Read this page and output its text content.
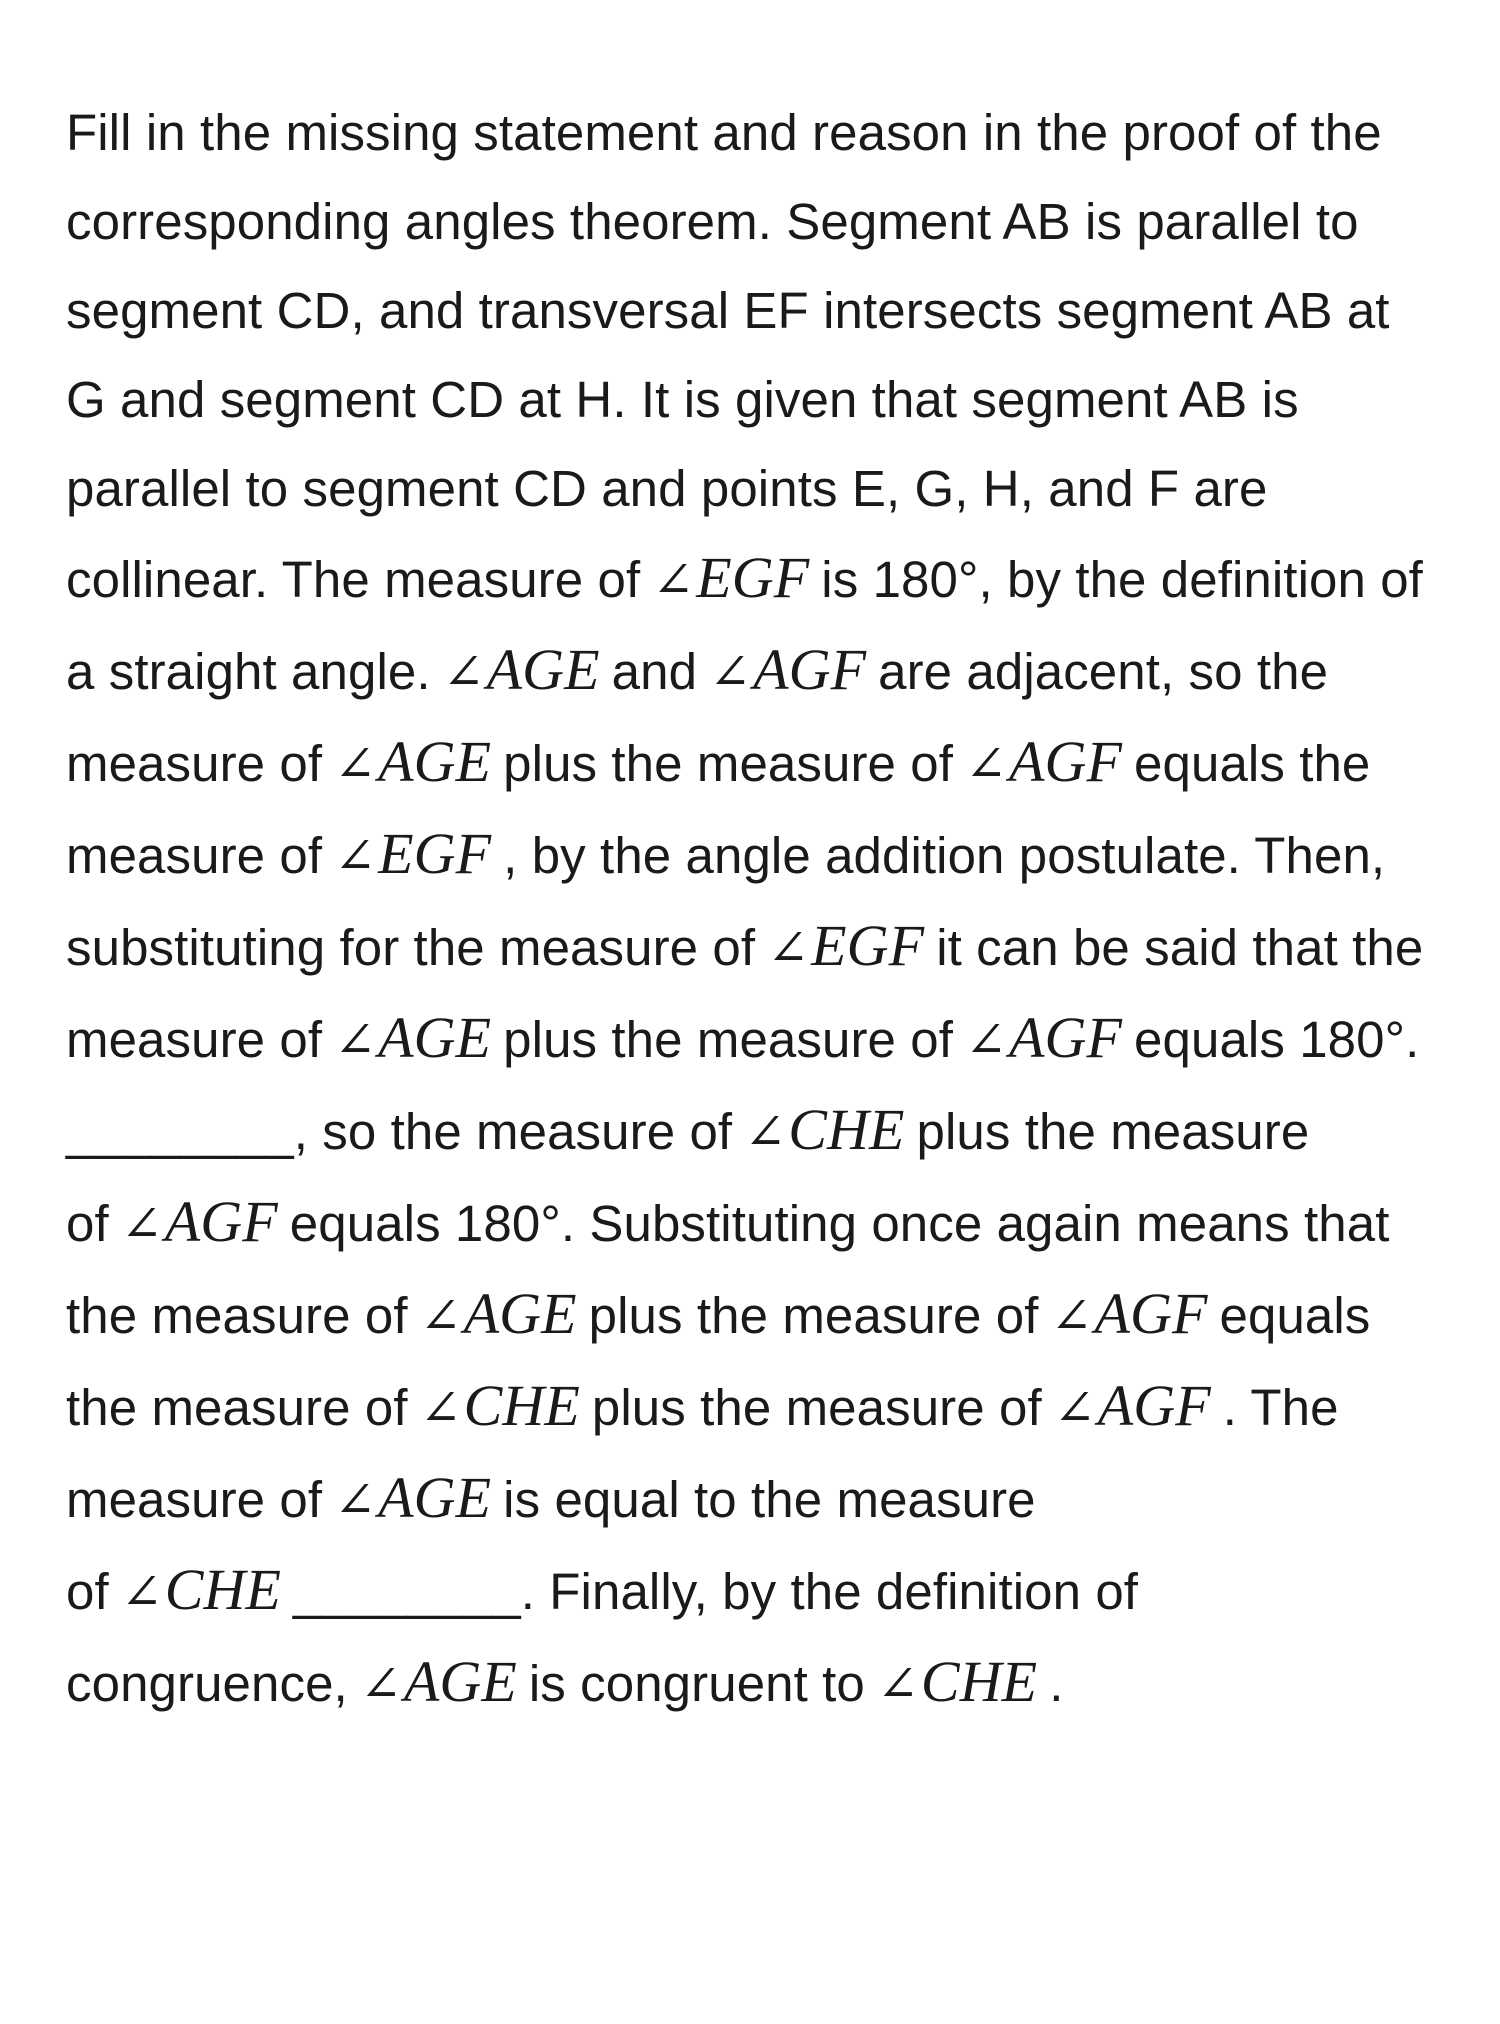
Fill in the missing statement and reason in the proof of the corresponding angles theorem. Segment AB is parallel to segment CD, and transversal EF intersects segment AB at G and segment CD at H. It is given that segment AB is parallel to segment CD and points E, G, H, and F are collinear. The measure of ∠EGF is 180°, by the definition of a straight angle. ∠AGE and ∠AGF are adjacent, so the measure of ∠AGE plus the measure of ∠AGF equals the measure of ∠EGF , by the angle addition postulate. Then, substituting for the measure of ∠EGF it can be said that the measure of ∠AGE plus the measure of ∠AGF equals 180°. ________, so the measure of ∠CHE plus the measure of ∠AGF equals 180°. Substituting once again means that the measure of ∠AGE plus the measure of ∠AGF equals the measure of ∠CHE plus the measure of ∠AGF . The measure of ∠AGE is equal to the measure of ∠CHE ________. Finally, by the definition of congruence, ∠AGE is congruent to ∠CHE .
